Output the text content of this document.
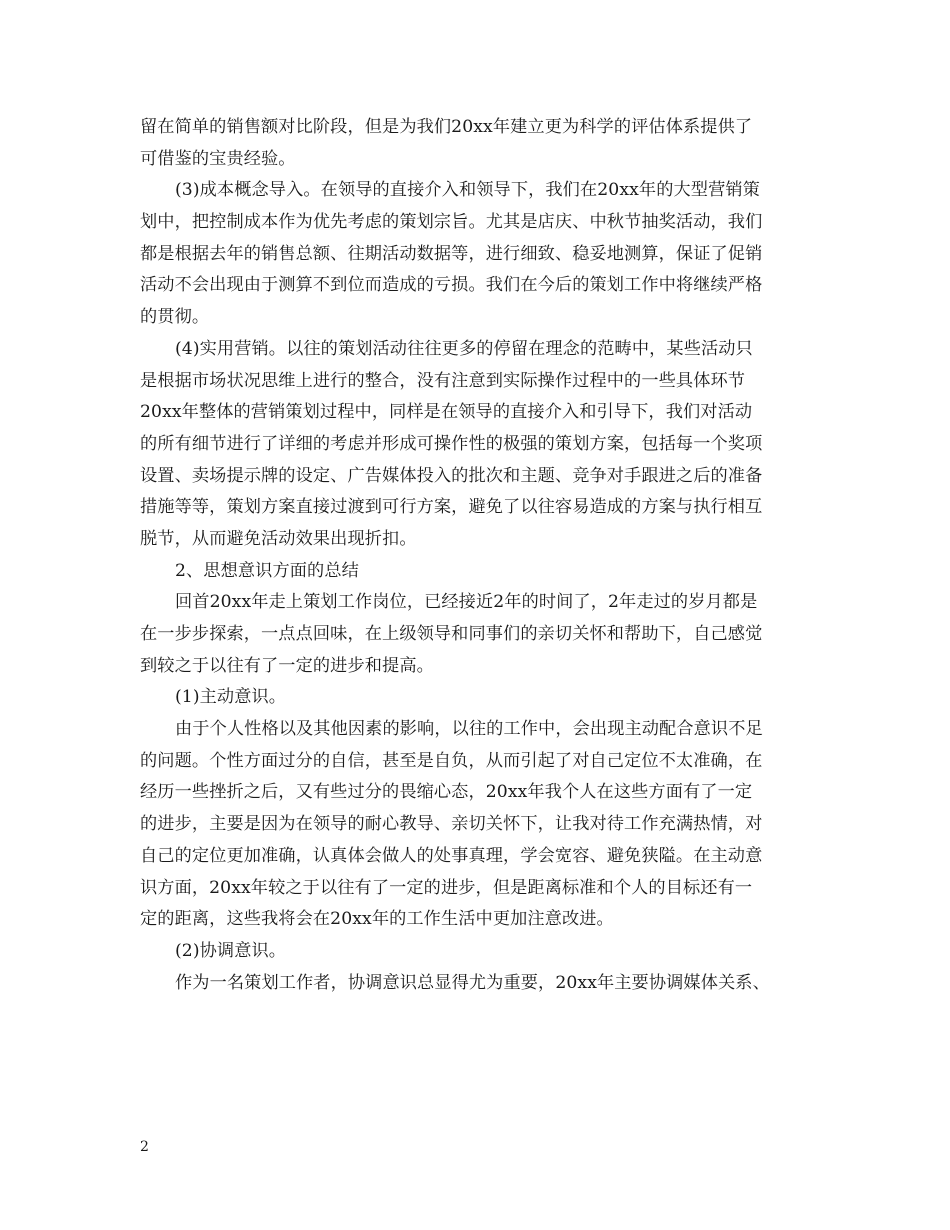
留在简单的销售额对比阶段，但是为我们20xx年建立更为科学的评估体系提供了
可借鉴的宝贵经验。
(3)成本概念导入。在领导的直接介入和领导下，我们在20xx年的大型营销策
划中，把控制成本作为优先考虑的策划宗旨。尤其是店庆、中秋节抽奖活动，我们
都是根据去年的销售总额、往期活动数据等，进行细致、稳妥地测算，保证了促销
活动不会出现由于测算不到位而造成的亏损。我们在今后的策划工作中将继续严格
的贯彻。
(4)实用营销。以往的策划活动往往更多的停留在理念的范畴中，某些活动只
是根据市场状况思维上进行的整合，没有注意到实际操作过程中的一些具体环节
20xx年整体的营销策划过程中，同样是在领导的直接介入和引导下，我们对活动
的所有细节进行了详细的考虑并形成可操作性的极强的策划方案，包括每一个奖项
设置、卖场提示牌的设定、广告媒体投入的批次和主题、竞争对手跟进之后的准备
措施等等，策划方案直接过渡到可行方案，避免了以往容易造成的方案与执行相互
脱节，从而避免活动效果出现折扣。
2、思想意识方面的总结
回首20xx年走上策划工作岗位，已经接近2年的时间了，2年走过的岁月都是
在一步步探索，一点点回味，在上级领导和同事们的亲切关怀和帮助下，自己感觉
到较之于以往有了一定的进步和提高。
(1)主动意识。
由于个人性格以及其他因素的影响，以往的工作中，会出现主动配合意识不足
的问题。个性方面过分的自信，甚至是自负，从而引起了对自己定位不太准确，在
经历一些挫折之后，又有些过分的畏缩心态，20xx年我个人在这些方面有了一定
的进步，主要是因为在领导的耐心教导、亲切关怀下，让我对待工作充满热情，对
自己的定位更加准确，认真体会做人的处事真理，学会宽容、避免狭隘。在主动意
识方面，20xx年较之于以往有了一定的进步，但是距离标准和个人的目标还有一
定的距离，这些我将会在20xx年的工作生活中更加注意改进。
(2)协调意识。
作为一名策划工作者，协调意识总显得尤为重要，20xx年主要协调媒体关系、
2
